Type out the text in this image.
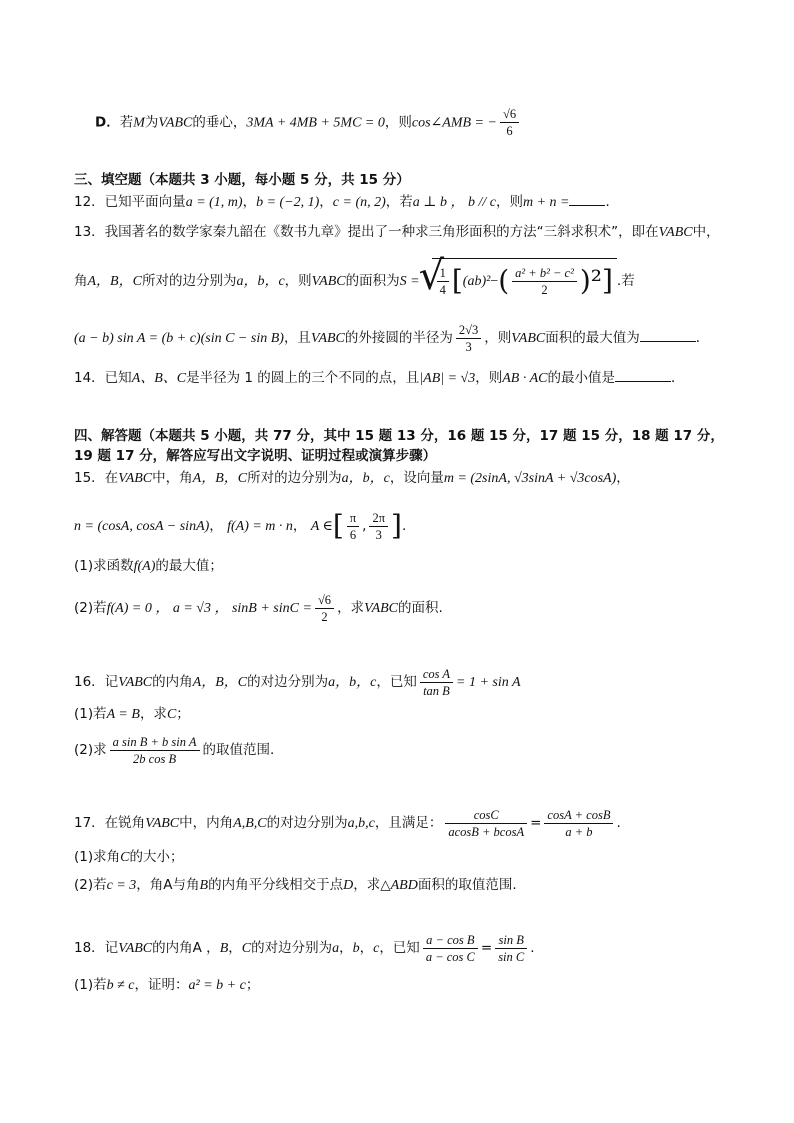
D．若M为VABC的垂心，3MA + 4MB + 5MC = 0，则cos∠AMB = − $\frac{√6}{6}$
三、填空题（本题共 3 小题，每小题 5 分，共 15 分）
12．已知平面向量a = (1, m)，b = (−2, 1)，c = (n, 2)，若a ⊥ b ， b // c，则m + n =	．
13．我国著名的数学家秦九韶在《数书九章》提出了一种求三角形面积的方法“三斜求积术”，即在VABC中，
角A，B，C所对的边分别为a，b，c，则VABC的面积为S =
√ $\frac{1}{4} [(ab)^2-( \frac{\text{a² + b² − c²}}{2} )^2]$ .若
(a − b) sin A = (b + c)(sin C − sin B)，且VABC的外接圆的半径为 $\frac{2√3}{3}$ ，则VABC面积的最大值为	．
14．已知A、B、C是半径为 1 的圆上的三个不同的点，且|AB| = √3，则AB · AC的最小值是	．
四、解答题（本题共 5 小题，共 77 分，其中 15 题 13 分，16 题 15 分，17 题 15 分，18 题 17 分，
19 题 17 分，解答应写出文字说明、证明过程或演算步骤）
15．在VABC中，角A，B，C所对的边分别为a，b，c，设向量m = (2sinA, √3sinA + √3cosA)，
n = (cosA, cosA − sinA)， f(A) = m · n， A ∈[ $\frac{\pi}{6}$ , $\frac{2\pi}{3}$ ].
(1)求函数f(A)的最大值；
(2)若f(A) = 0 ， a = √3 ， $\sin B + \sin C = \frac{√6}{2}$ ，求VABC的面积.
16．记VABC的内角A，B，C的对边分别为a，b，c，已知 $\frac{\text{cos A}}{\text{tan B}} = 1 + \sin A$
(1)若A = B，求C；
(2)求 $\frac{\text{a sin B + b sin A}}{\text{2b cos B}}$ 的取值范围.
17．在锐角VABC中，内角A,B,C的对边分别为a,b,c，且满足： $\frac{\cos C}{acosB + bcosA} = \frac{\cos A + \cos B}{a + b}$ .
(1)求角C的大小；
(2)若c = 3，角A与角B的内角平分线相交于点D，求△ABD面积的取值范围.
18．记VABC的内角A ，B，C的对边分别为a，b，c，已知 $\frac{\text{a − cos B}}{\text{a − cos C}} = \frac{\text{sin B}}{\text{sin C}}$ .
(1)若b ≠ c，证明：a² = b + c；
